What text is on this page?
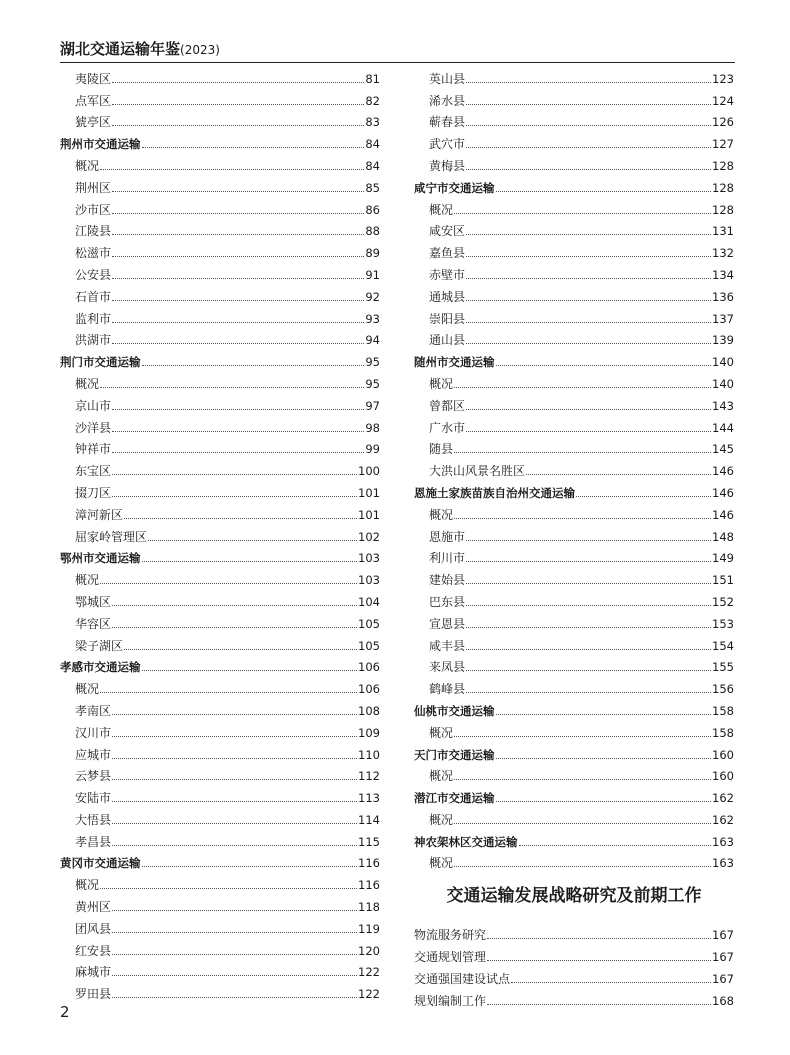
湖北交通运输年鉴(2023)
夷陵区	81
点军区	82
猇亭区	83
荆州市交通运输	84
概况	84
荆州区	85
沙市区	86
江陵县	88
松滋市	89
公安县	91
石首市	92
监利市	93
洪湖市	94
荆门市交通运输	95
概况	95
京山市	97
沙洋县	98
钟祥市	99
东宝区	100
掇刀区	101
漳河新区	101
屈家岭管理区	102
鄂州市交通运输	103
概况	103
鄂城区	104
华容区	105
梁子湖区	105
孝感市交通运输	106
概况	106
孝南区	108
汉川市	109
应城市	110
云梦县	112
安陆市	113
大悟县	114
孝昌县	115
黄冈市交通运输	116
概况	116
黄州区	118
团风县	119
红安县	120
麻城市	122
罗田县	122
英山县	123
浠水县	124
蕲春县	126
武穴市	127
黄梅县	128
咸宁市交通运输	128
概况	128
咸安区	131
嘉鱼县	132
赤壁市	134
通城县	136
崇阳县	137
通山县	139
随州市交通运输	140
概况	140
曾都区	143
广水市	144
随县	145
大洪山风景名胜区	146
恩施土家族苗族自治州交通运输	146
概况	146
恩施市	148
利川市	149
建始县	151
巴东县	152
宣恩县	153
咸丰县	154
来凤县	155
鹤峰县	156
仙桃市交通运输	158
概况	158
天门市交通运输	160
概况	160
潜江市交通运输	162
概况	162
神农架林区交通运输	163
概况	163
交通运输发展战略研究及前期工作
物流服务研究	167
交通规划管理	167
交通强国建设试点	167
规划编制工作	168
2
